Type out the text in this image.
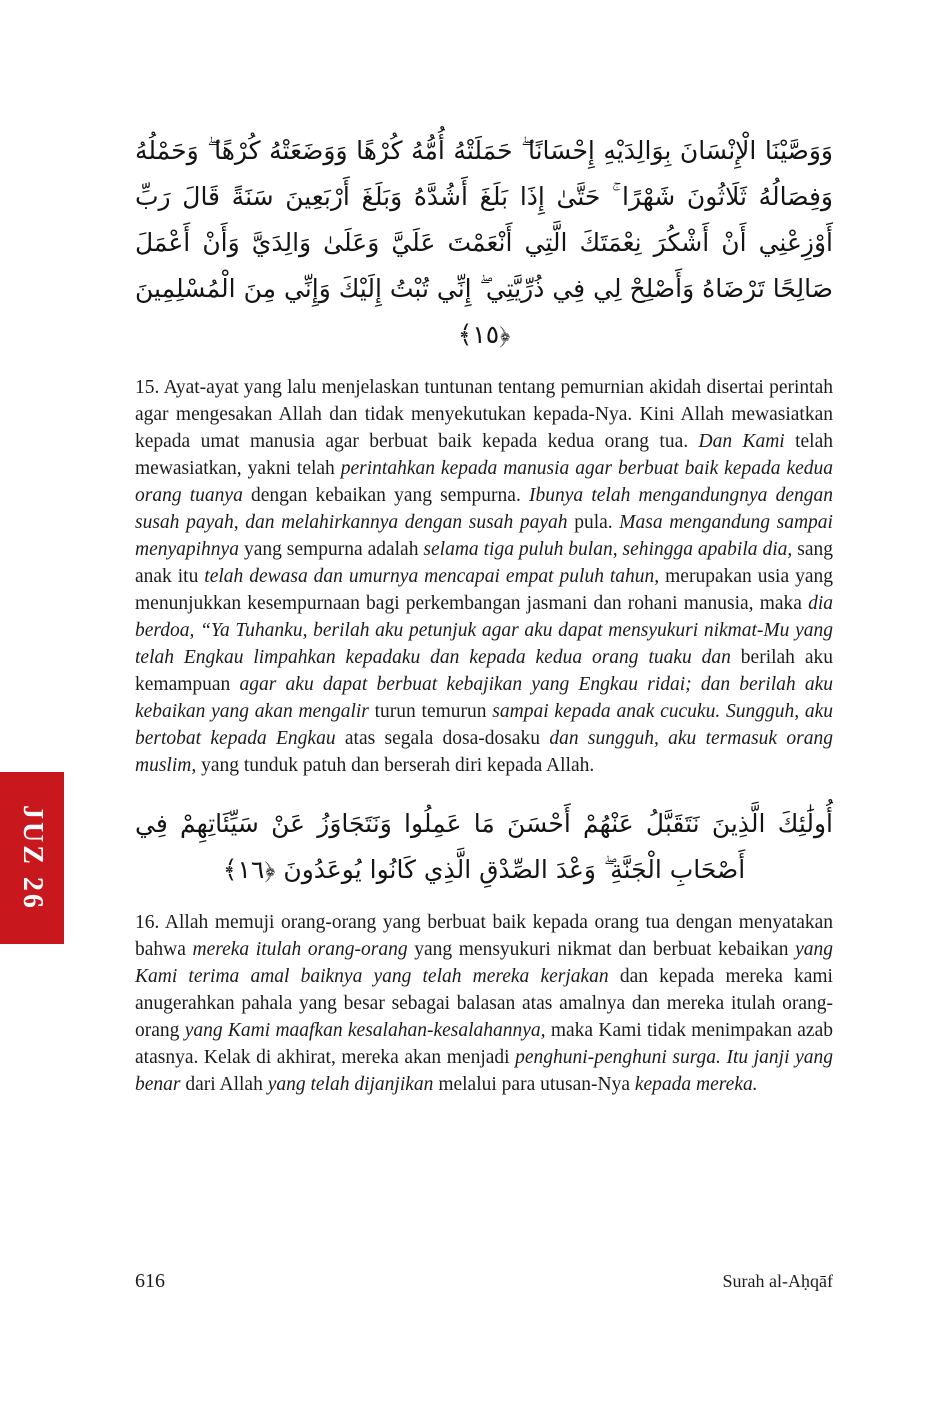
JUZ 26
وَوَصَّيْنَا الْإِنْسَانَ بِوَالِدَيْهِ إِحْسَانًا ۖ حَمَلَتْهُ أُمُّهُ كُرْهًا وَوَضَعَتْهُ كُرْهًا ۖ وَحَمْلُهُ وَفِصَالُهُ ثَلَاثُونَ شَهْرًا ۚ حَتَّىٰ إِذَا بَلَغَ أَشُدَّهُ وَبَلَغَ أَرْبَعِينَ سَنَةً قَالَ رَبِّ أَوْزِعْنِي أَنْ أَشْكُرَ نِعْمَتَكَ الَّتِي أَنْعَمْتَ عَلَيَّ وَعَلَىٰ وَالِدَيَّ وَأَنْ أَعْمَلَ صَالِحًا تَرْضَاهُ وَأَصْلِحْ لِي فِي ذُرِّيَّتِي ۖ إِنِّي تُبْتُ إِلَيْكَ وَإِنِّي مِنَ الْمُسْلِمِينَ ﴿١٥﴾

15. Ayat-ayat yang lalu menjelaskan tuntunan tentang pemurnian akidah disertai perintah agar mengesakan Allah dan tidak menyekutukan kepada-Nya. Kini Allah mewasiatkan kepada umat manusia agar berbuat baik kepada kedua orang tua. Dan Kami telah mewasiatkan, yakni telah perintahkan kepada manusia agar berbuat baik kepada kedua orang tuanya dengan kebaikan yang sempurna. Ibunya telah mengandungnya dengan susah payah, dan melahirkannya dengan susah payah pula. Masa mengandung sampai menyapihnya yang sempurna adalah selama tiga puluh bulan, sehingga apabila dia, sang anak itu telah dewasa dan umurnya mencapai empat puluh tahun, merupakan usia yang menunjukkan kesempurnaan bagi perkembangan jasmani dan rohani manusia, maka dia berdoa, “Ya Tuhanku, berilah aku petunjuk agar aku dapat mensyukuri nikmat-Mu yang telah Engkau limpahkan kepadaku dan kepada kedua orang tuaku dan berilah aku kemampuan agar aku dapat berbuat kebajikan yang Engkau ridai; dan berilah aku kebaikan yang akan mengalir turun temurun sampai kepada anak cucuku. Sungguh, aku bertobat kepada Engkau atas segala dosa-dosaku dan sungguh, aku termasuk orang muslim, yang tunduk patuh dan berserah diri kepada Allah.

أُولَٰئِكَ الَّذِينَ نَتَقَبَّلُ عَنْهُمْ أَحْسَنَ مَا عَمِلُوا وَنَتَجَاوَزُ عَنْ سَيِّئَاتِهِمْ فِي أَصْحَابِ الْجَنَّةِ ۖ وَعْدَ الصِّدْقِ الَّذِي كَانُوا يُوعَدُونَ ﴿١٦﴾

16. Allah memuji orang-orang yang berbuat baik kepada orang tua dengan menyatakan bahwa mereka itulah orang-orang yang mensyukuri nikmat dan berbuat kebaikan yang Kami terima amal baiknya yang telah mereka kerjakan dan kepada mereka kami anugerahkan pahala yang besar sebagai balasan atas amalnya dan mereka itulah orang-orang yang Kami maafkan kesalahan-kesalahannya, maka Kami tidak menimpakan azab atasnya. Kelak di akhirat, mereka akan menjadi penghuni-penghuni surga. Itu janji yang benar dari Allah yang telah dijanjikan melalui para utusan-Nya kepada mereka.

616	Surah al-Aḥqāf
